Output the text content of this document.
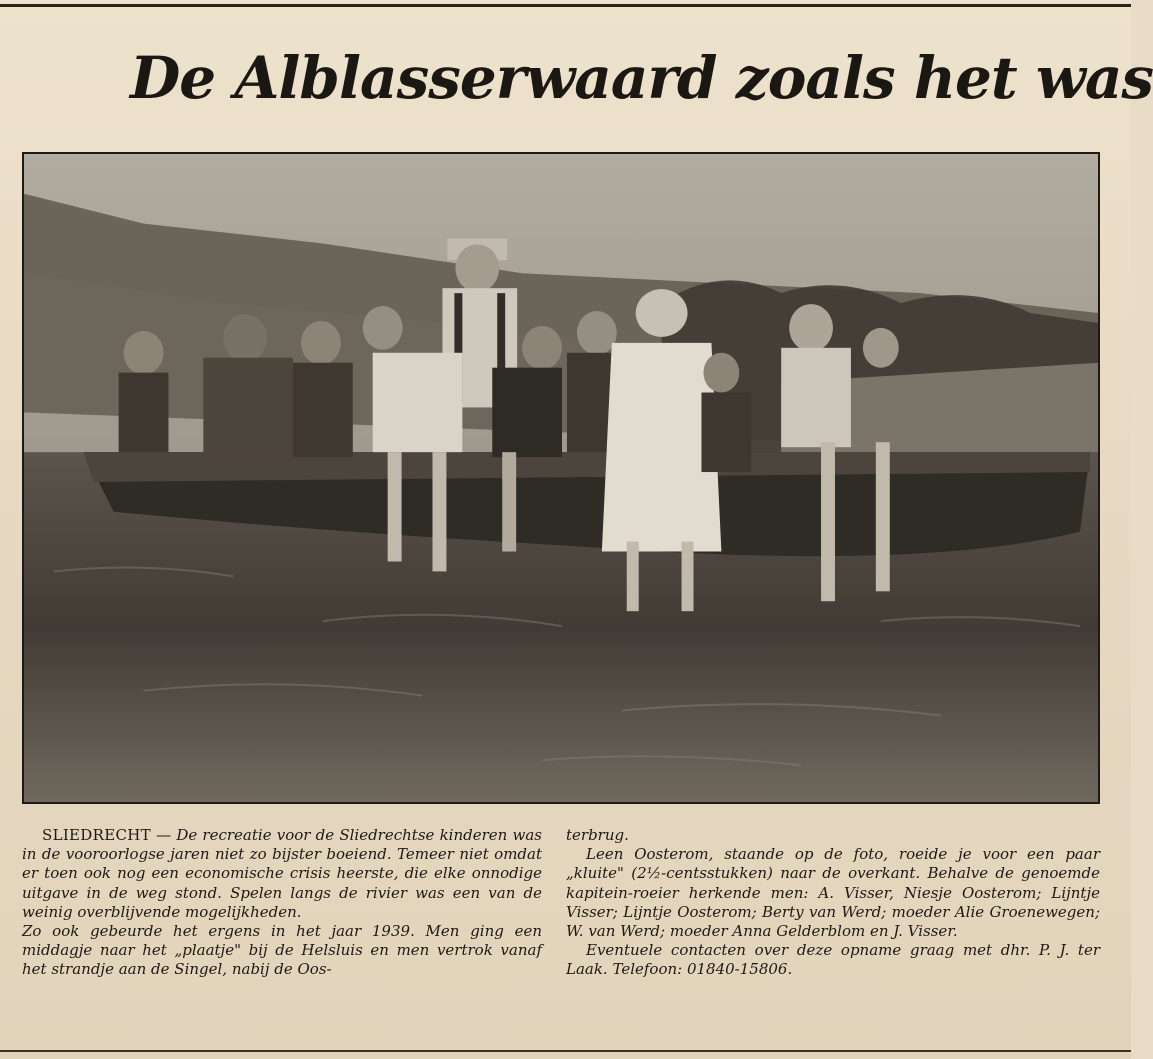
De Alblasserwaard zoals het was

SLIEDRECHT — De recreatie voor de Sliedrechtse kinderen was in de vooroorlogse jaren niet zo bijster boeiend. Temeer niet omdat er toen ook nog een economische crisis heerste, die elke onnodige uitgave in de weg stond. Spelen langs de rivier was een van de weinig overblijvende mogelijkheden.

Zo ook gebeurde het ergens in het jaar 1939. Men ging een middagje naar het „plaatje" bij de Helsluis en men vertrok vanaf het strandje aan de Singel, nabij de Oos-

terbrug.

Leen Oosterom, staande op de foto, roeide je voor een paar „kluite" (2½-centsstukken) naar de overkant. Behalve de genoemde kapitein-roeier herkende men: A. Visser, Niesje Oosterom; Lijntje Visser; Lijntje Oosterom; Berty van Werd; moeder Alie Groenewegen; W. van Werd; moeder Anna Gelderblom en J. Visser.

Eventuele contacten over deze opname graag met dhr. P. J. ter Laak. Telefoon: 01840-15806.
